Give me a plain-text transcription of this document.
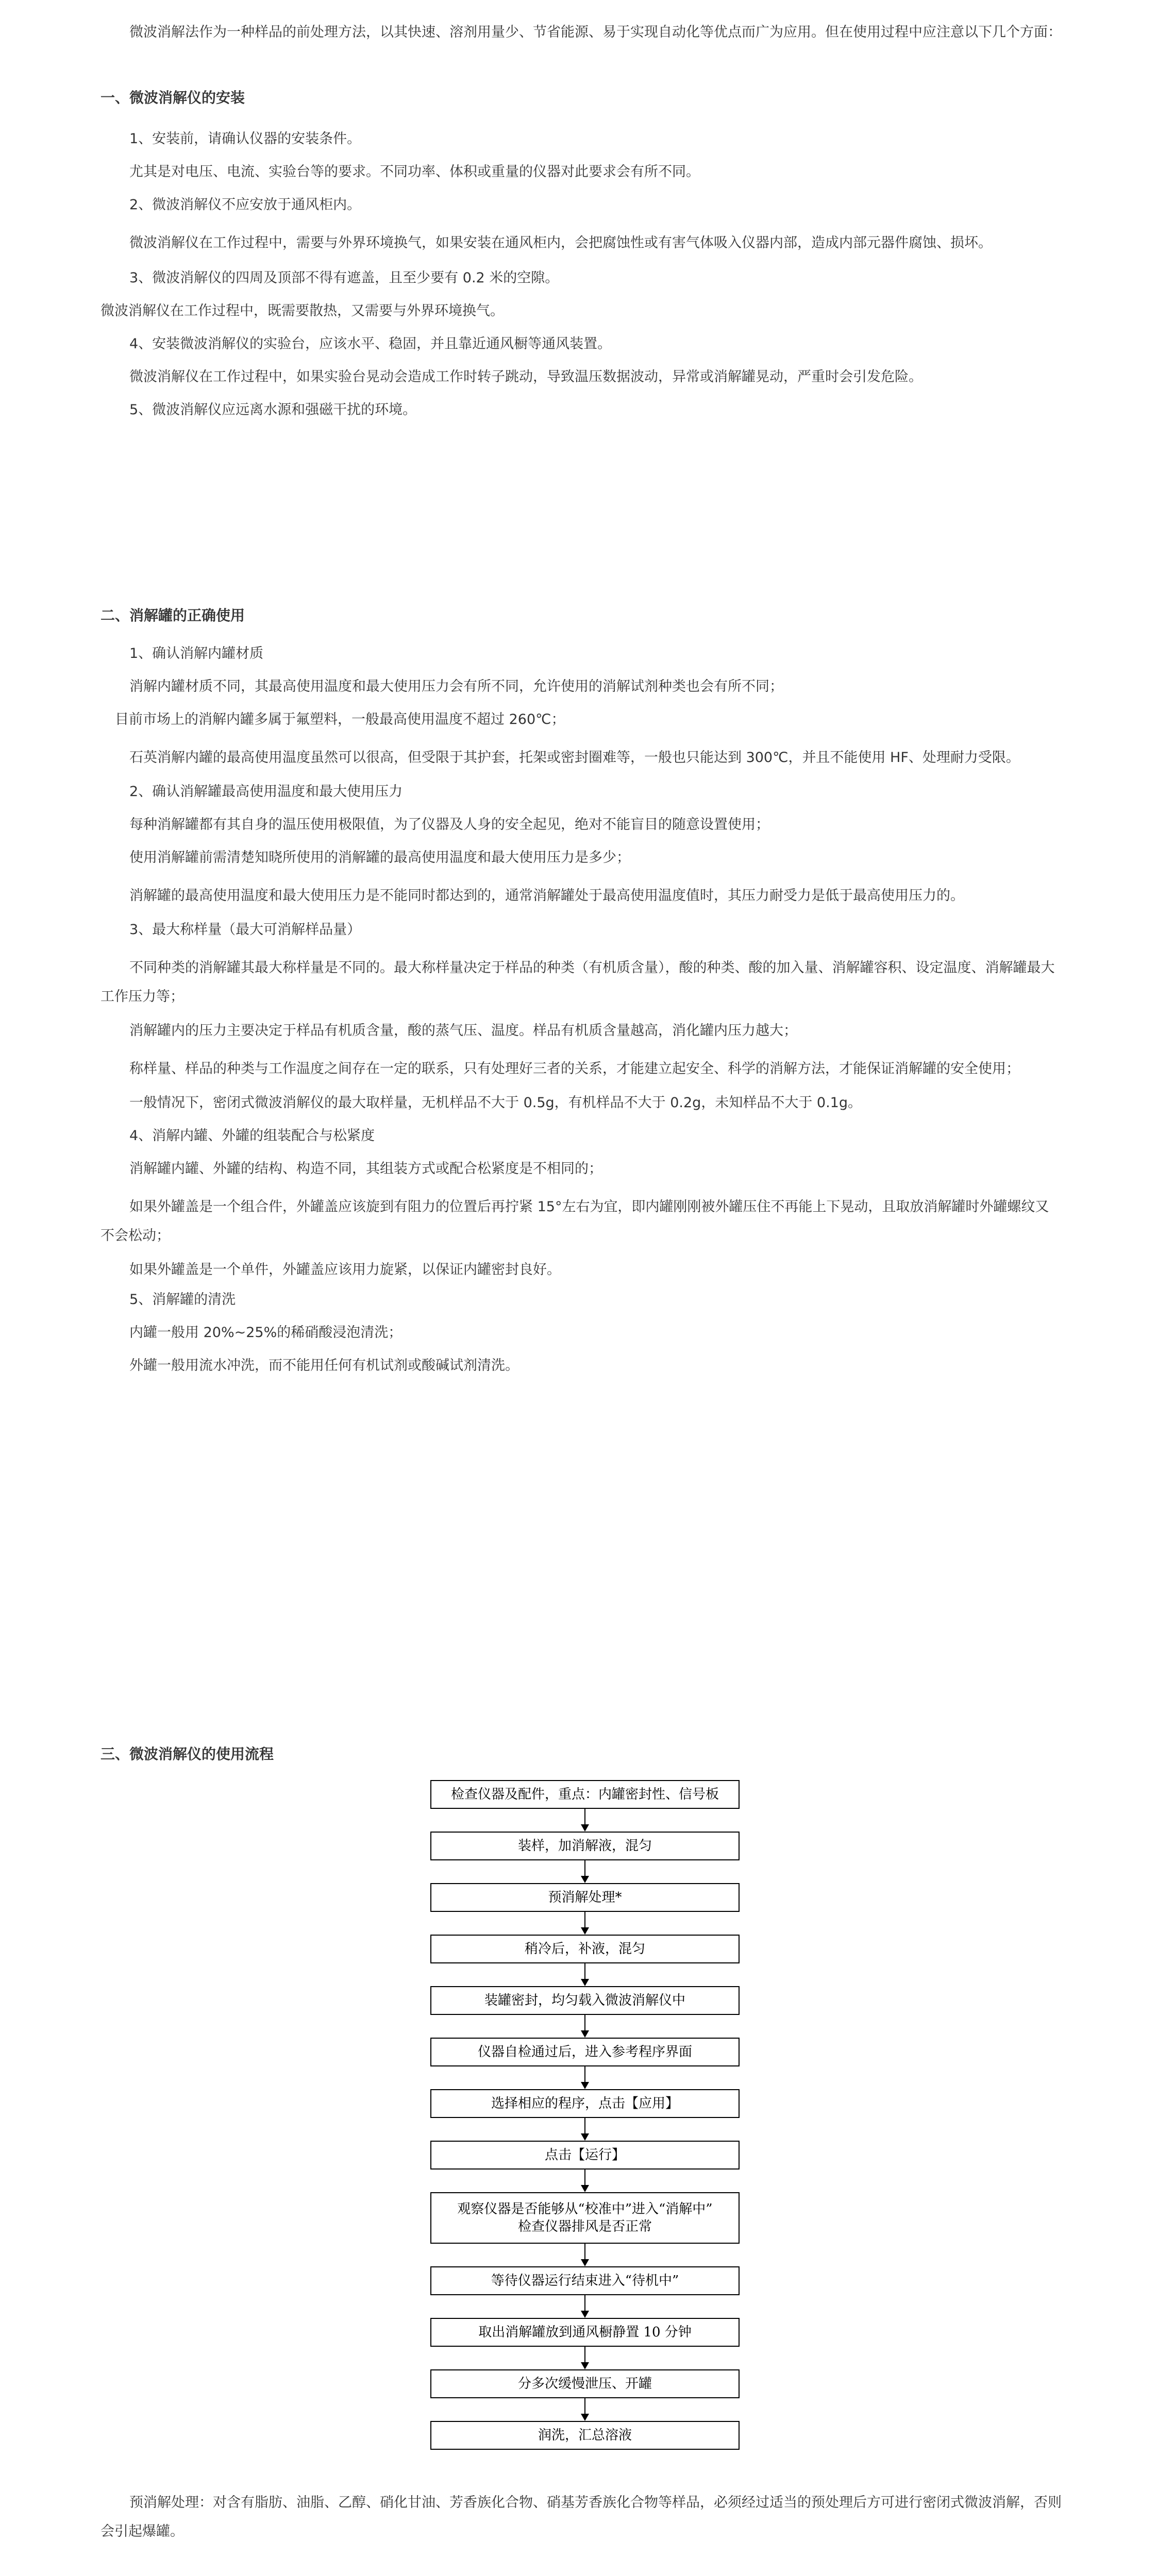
微波消解法作为一种样品的前处理方法，以其快速、溶剂用量少、节省能源、易于实现自动化等优点而广为应用。但在使用过程中应注意以下几个方面：

一、微波消解仪的安装

1、安装前，请确认仪器的安装条件。

尤其是对电压、电流、实验台等的要求。不同功率、体积或重量的仪器对此要求会有所不同。

2、微波消解仪不应安放于通风柜内。

微波消解仪在工作过程中，需要与外界环境换气，如果安装在通风柜内，会把腐蚀性或有害气体吸入仪器内部，造成内部元器件腐蚀、损坏。

3、微波消解仪的四周及顶部不得有遮盖，且至少要有 0.2 米的空隙。

微波消解仪在工作过程中，既需要散热，又需要与外界环境换气。

4、安装微波消解仪的实验台，应该水平、稳固，并且靠近通风橱等通风装置。

微波消解仪在工作过程中，如果实验台晃动会造成工作时转子跳动，导致温压数据波动，异常或消解罐晃动，严重时会引发危险。

5、微波消解仪应远离水源和强磁干扰的环境。

二、消解罐的正确使用

1、确认消解内罐材质

消解内罐材质不同，其最高使用温度和最大使用压力会有所不同，允许使用的消解试剂种类也会有所不同；

目前市场上的消解内罐多属于氟塑料，一般最高使用温度不超过 260℃；

石英消解内罐的最高使用温度虽然可以很高，但受限于其护套，托架或密封圈难等，一般也只能达到 300℃，并且不能使用 HF、处理耐力受限。

2、确认消解罐最高使用温度和最大使用压力

每种消解罐都有其自身的温压使用极限值，为了仪器及人身的安全起见，绝对不能盲目的随意设置使用；

使用消解罐前需清楚知晓所使用的消解罐的最高使用温度和最大使用压力是多少；

消解罐的最高使用温度和最大使用压力是不能同时都达到的，通常消解罐处于最高使用温度值时，其压力耐受力是低于最高使用压力的。

3、最大称样量（最大可消解样品量）

不同种类的消解罐其最大称样量是不同的。最大称样量决定于样品的种类（有机质含量），酸的种类、酸的加入量、消解罐容积、设定温度、消解罐最大工作压力等；

消解罐内的压力主要决定于样品有机质含量，酸的蒸气压、温度。样品有机质含量越高，消化罐内压力越大；

称样量、样品的种类与工作温度之间存在一定的联系，只有处理好三者的关系，才能建立起安全、科学的消解方法，才能保证消解罐的安全使用；

一般情况下，密闭式微波消解仪的最大取样量，无机样品不大于 0.5g，有机样品不大于 0.2g，未知样品不大于 0.1g。

4、消解内罐、外罐的组装配合与松紧度

消解罐内罐、外罐的结构、构造不同，其组装方式或配合松紧度是不相同的；

如果外罐盖是一个组合件，外罐盖应该旋到有阻力的位置后再拧紧 15°左右为宜，即内罐刚刚被外罐压住不再能上下晃动，且取放消解罐时外罐螺纹又不会松动；

如果外罐盖是一个单件，外罐盖应该用力旋紧，以保证内罐密封良好。

5、消解罐的清洗

内罐一般用 20%~25%的稀硝酸浸泡清洗；

外罐一般用流水冲洗，而不能用任何有机试剂或酸碱试剂清洗。

三、微波消解仪的使用流程

检查仪器及配件，重点：内罐密封性、信号板
装样，加消解液，混匀
预消解处理*
稍冷后，补液，混匀
装罐密封，均匀载入微波消解仪中
仪器自检通过后，进入参考程序界面
选择相应的程序，点击【应用】
点击【运行】
观察仪器是否能够从“校准中”进入“消解中”
检查仪器排风是否正常
等待仪器运行结束进入“待机中”
取出消解罐放到通风橱静置 10 分钟
分多次缓慢泄压、开罐
润洗，汇总溶液

预消解处理：对含有脂肪、油脂、乙醇、硝化甘油、芳香族化合物、硝基芳香族化合物等样品，必须经过适当的预处理后方可进行密闭式微波消解，否则会引起爆罐。
